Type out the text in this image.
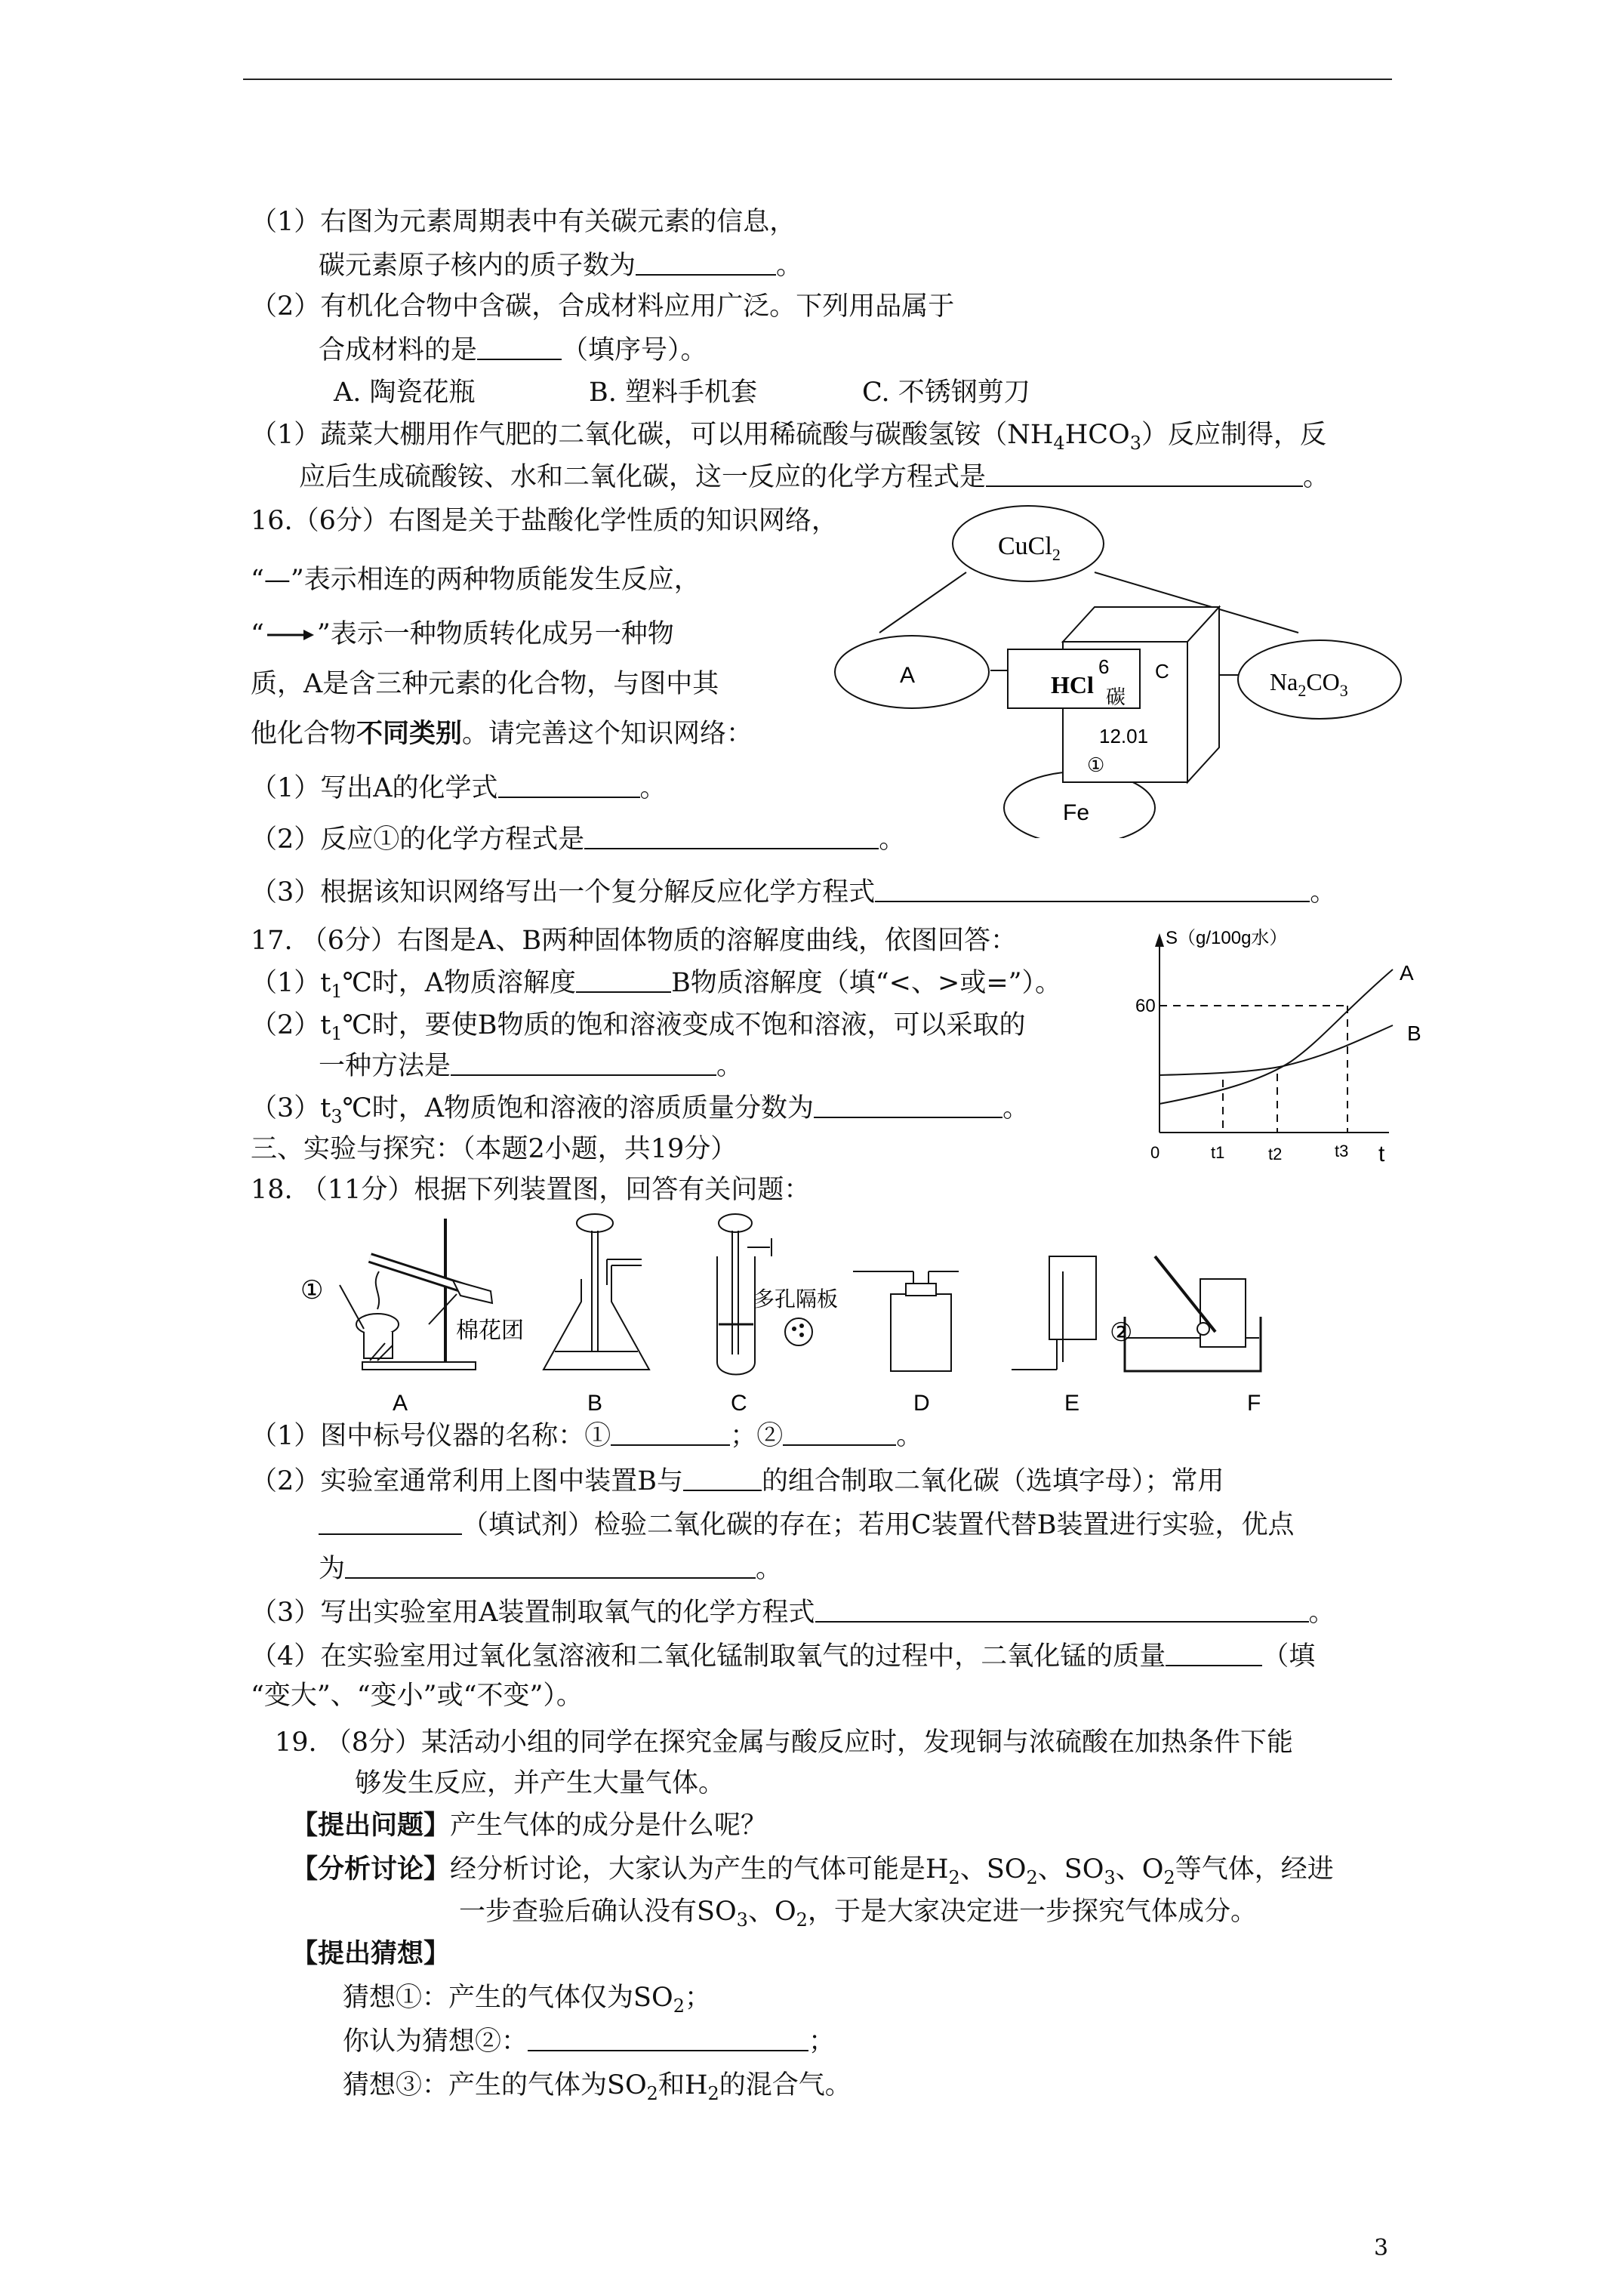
（1）右图为元素周期表中有关碳元素的信息，
碳元素原子核内的质子数为	。
（2）有机化合物中含碳，合成材料应用广泛。下列用品属于
合成材料的是	（填序号）。
A. 陶瓷花瓶	B. 塑料手机套	C. 不锈钢剪刀
（1）蔬菜大棚用作气肥的二氧化碳，可以用稀硫酸与碳酸氢铵$(NH_4HCO_3)$反应制得，反
应后生成硫酸铵、水和二氧化碳，这一反应的化学方程式是	。
16.（6分）右图是关于盐酸化学性质的知识网络，
“—”表示相连的两种物质能发生反应，
“ ”表示一种物质转化成另一种物
质，A是含三种元素的化合物，与图中其
他化合物不同类别。请完善这个知识网络：
（1）写出A的化学式	。
（2）反应①的化学方程式是	。
（3）根据该知识网络写出一个复分解反应化学方程式	。
CuCl$_2$
A	$Na_2CO_3$
Fe
HCl
6 C
碳
12.01
①
17. （6分）右图是A、B两种固体物质的溶解度曲线，依图回答：
$(1)t_1℃$时，A物质溶解度	B物质溶解度（填“<、>或=”）。
$(2)t_1℃$时，要使B物质的饱和溶液变成不饱和溶液，可以采取的
一种方法是	。
$(3)t_3℃$时，A物质饱和溶液的溶质质量分数为	。
S（g/100g水）
60
A
B
0	t1	t2	t3 t
三、实验与探究：（本题2小题，共19分）
18. （11分）根据下列装置图，回答有关问题：
①
棉花团
A	B
多孔隔板
C	D	E
②
F
（1）图中标号仪器的名称：①	；②	。
（2）实验室通常利用上图中装置B与	的组合制取二氧化碳（选填字母）；常用
（填试剂）检验二氧化碳的存在；若用C装置代替B装置进行实验，优点
为	。
（3）写出实验室用A装置制取氧气的化学方程式	。
（4）在实验室用过氧化氢溶液和二氧化锰制取氧气的过程中，二氧化锰的质量	（填
“变大”、“变小”或“不变”）。
19. （8分）某活动小组的同学在探究金属与酸反应时，发现铜与浓硫酸在加热条件下能
够发生反应，并产生大量气体。
【提出问题】产生气体的成分是什么呢？
【分析讨论】经分析讨论，大家认为产生的气体可能是$H_2$、$SO_2$、$SO_3$、$O_2$等气体，经进
一步查验后确认没有$SO_3$、$O_2$，于是大家决定进一步探究气体成分。
【提出猜想】
猜想①：产生的气体仅为$SO_2$；
你认为猜想②：	；
猜想③：产生的气体为$SO_2$和$H_2$的混合气。
3
